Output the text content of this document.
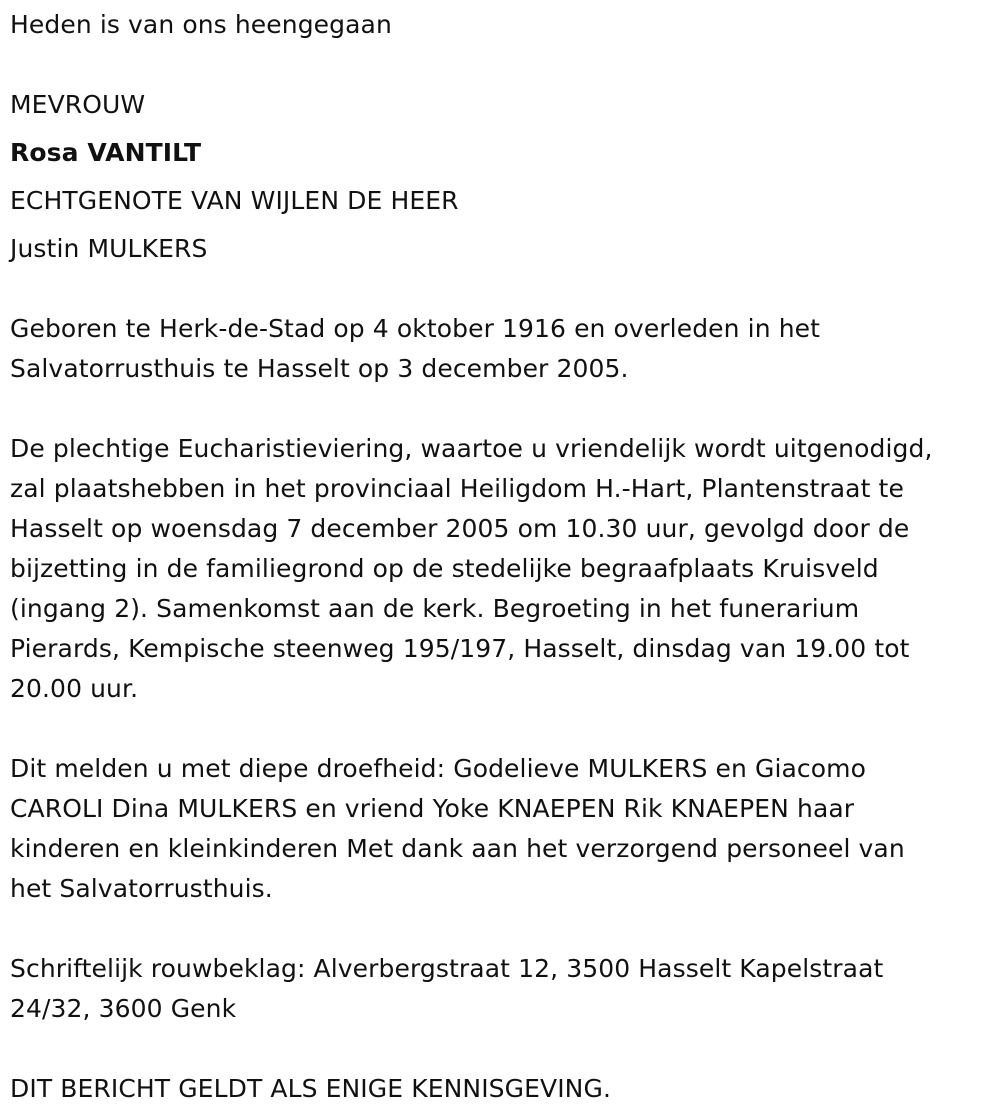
Heden is van ons heengegaan
MEVROUW
Rosa VANTILT
ECHTGENOTE VAN WIJLEN DE HEER
Justin MULKERS
Geboren te Herk-de-Stad op 4 oktober 1916 en overleden in het
Salvatorrusthuis te Hasselt op 3 december 2005.
De plechtige Eucharistieviering, waartoe u vriendelijk wordt uitgenodigd,
zal plaatshebben in het provinciaal Heiligdom H.-Hart, Plantenstraat te
Hasselt op woensdag 7 december 2005 om 10.30 uur, gevolgd door de
bijzetting in de familiegrond op de stedelijke begraafplaats Kruisveld
(ingang 2). Samenkomst aan de kerk. Begroeting in het funerarium
Pierards, Kempische steenweg 195/197, Hasselt, dinsdag van 19.00 tot
20.00 uur.
Dit melden u met diepe droefheid: Godelieve MULKERS en Giacomo
CAROLI Dina MULKERS en vriend Yoke KNAEPEN Rik KNAEPEN haar
kinderen en kleinkinderen Met dank aan het verzorgend personeel van
het Salvatorrusthuis.
Schriftelijk rouwbeklag: Alverbergstraat 12, 3500 Hasselt Kapelstraat
24/32, 3600 Genk
DIT BERICHT GELDT ALS ENIGE KENNISGEVING.
